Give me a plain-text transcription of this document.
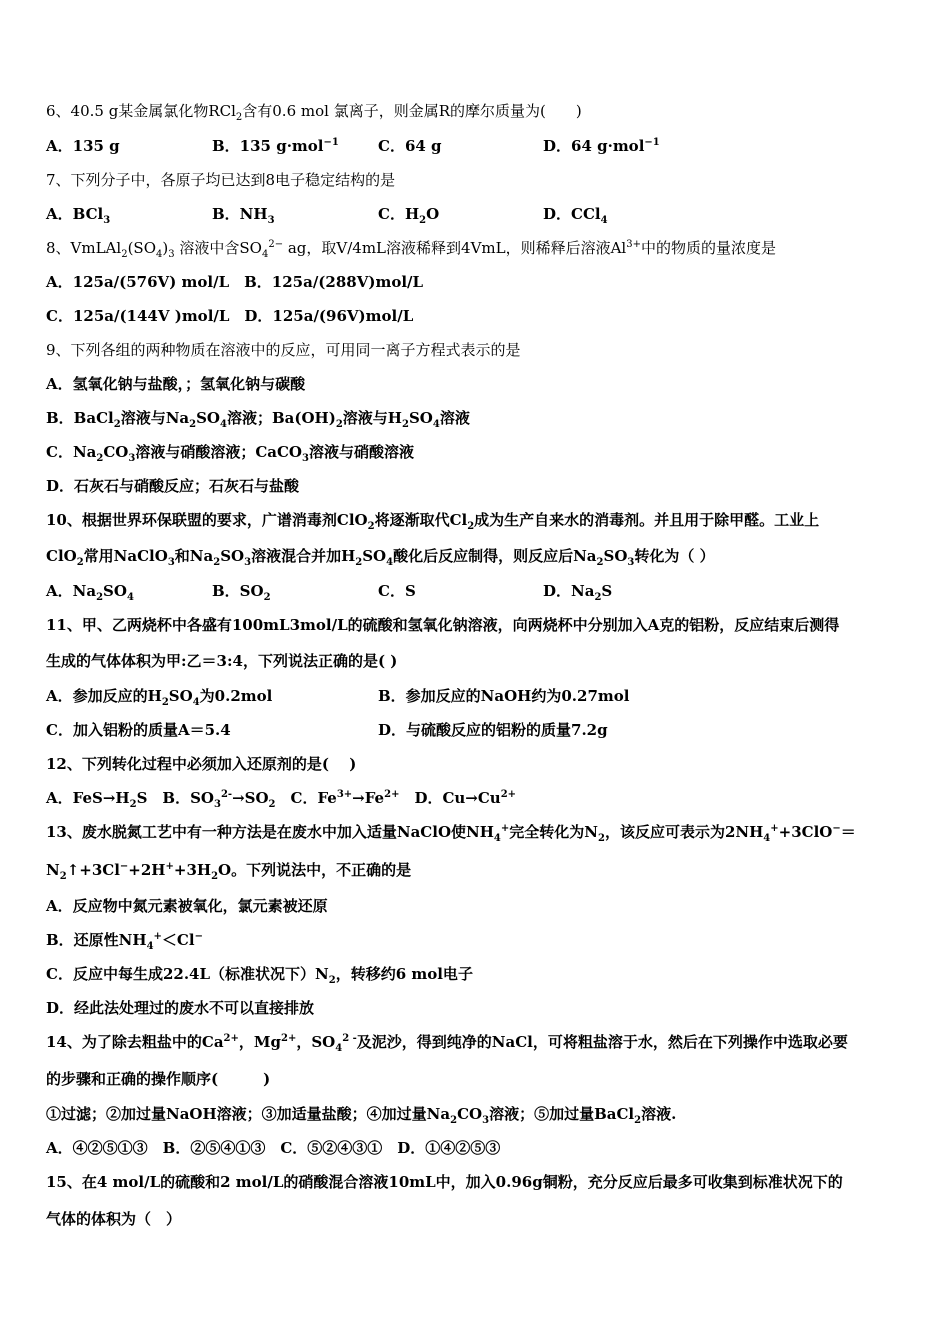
6、40.5 g某金属氯化物RCl$_2$含有0.6 mol 氯离子，则金属R的摩尔质量为(　　)
A．135 g	B．135 g·mol$^{-1}$	C．64 g	D．64 g·mol$^{-1}$
7、下列分子中，各原子均已达到8电子稳定结构的是
A．BCl$_3$	B．$NH_3$	C．$H_2O$	D．CCl$_4$
8、$VmLAl_2(SO_4)_3$ 溶液中含$SO_4^{2-}$ ag，取V/4mL溶液稀释到4VmL，则稀释后溶液$Al^{3+}$中的物质的量浓度是
A．125a/(576V) mol/L　B．125a/(288V)mol/L
C．125a/(144V )mol/L　D．125a/(96V)mol/L
9、下列各组的两种物质在溶液中的反应，可用同一离子方程式表示的是
A．氢氧化钠与盐酸，；氢氧化钠与碳酸
B．BaCl$_2$溶液与$Na_2SO_4$溶液；$Ba(OH)_2$溶液与$H_2SO_4$溶液
C．$Na_2CO_3$溶液与硝酸溶液；CaCO$_3$溶液与硝酸溶液
D．石灰石与硝酸反应；石灰石与盐酸
10、根据世界环保联盟的要求，广谱消毒剂ClO$_2$将逐渐取代$Cl_2$成为生产自来水的消毒剂。并且用于除甲醛。工业上
ClO$_2$常用NaClO$_3$和$Na_2SO_3$溶液混合并加$H_2SO_4$酸化后反应制得，则反应后$Na_2SO_3$转化为（ ）
A．$Na_2SO_4$	B．$SO_2$	C．S	D．$Na_2S$
11、甲、乙两烧杯中各盛有100mL3mol/L的硫酸和氢氧化钠溶液，向两烧杯中分别加入A克的铝粉，反应结束后测得
生成的气体体积为甲:乙＝3:4，下列说法正确的是( )
A．参加反应的$H_2SO_4$为0.2mol	B．参加反应的NaOH约为0.27mol
C．加入铝粉的质量A＝5.4	D．与硫酸反应的铝粉的质量7.2g
12、下列转化过程中必须加入还原剂的是(　 )
A．$FeS\to H_2S$　B．$SO_3^{2-}\to SO_2$　C．$Fe^{3+}\to Fe^{2+}$　D．$Cu\to Cu^{2+}$
13、废水脱氮工艺中有一种方法是在废水中加入适量NaClO使$NH_4^+$完全转化为$N_2$，该反应可表示为$2NH_4^++3ClO^-=$
$N_2↑+3Cl^-+2H^++3H_2O$。下列说法中，不正确的是
A．反应物中氮元素被氧化，氯元素被还原
B．还原性$NH_4^+<Cl^-$
C．反应中每生成22.4L（标准状况下）$N_2$，转移约6 mol电子
D．经此法处理过的废水不可以直接排放
14、为了除去粗盐中的$Ca^{2+}$，$Mg^{2+}$，$SO_4^{2 -}$及泥沙，得到纯净的NaCl，可将粗盐溶于水，然后在下列操作中选取必要
的步骤和正确的操作顺序(　　　)
①过滤；②加过量NaOH溶液；③加适量盐酸；④加过量$Na_2CO_3$溶液；⑤加过量BaCl$_2$溶液.
A．④②⑤①③　B．②⑤④①③　C．⑤②④③①　D．①④②⑤③
15、在4 mol/L的硫酸和2 mol/L的硝酸混合溶液10mL中，加入0.96g铜粉，充分反应后最多可收集到标准状况下的
气体的体积为（　）
